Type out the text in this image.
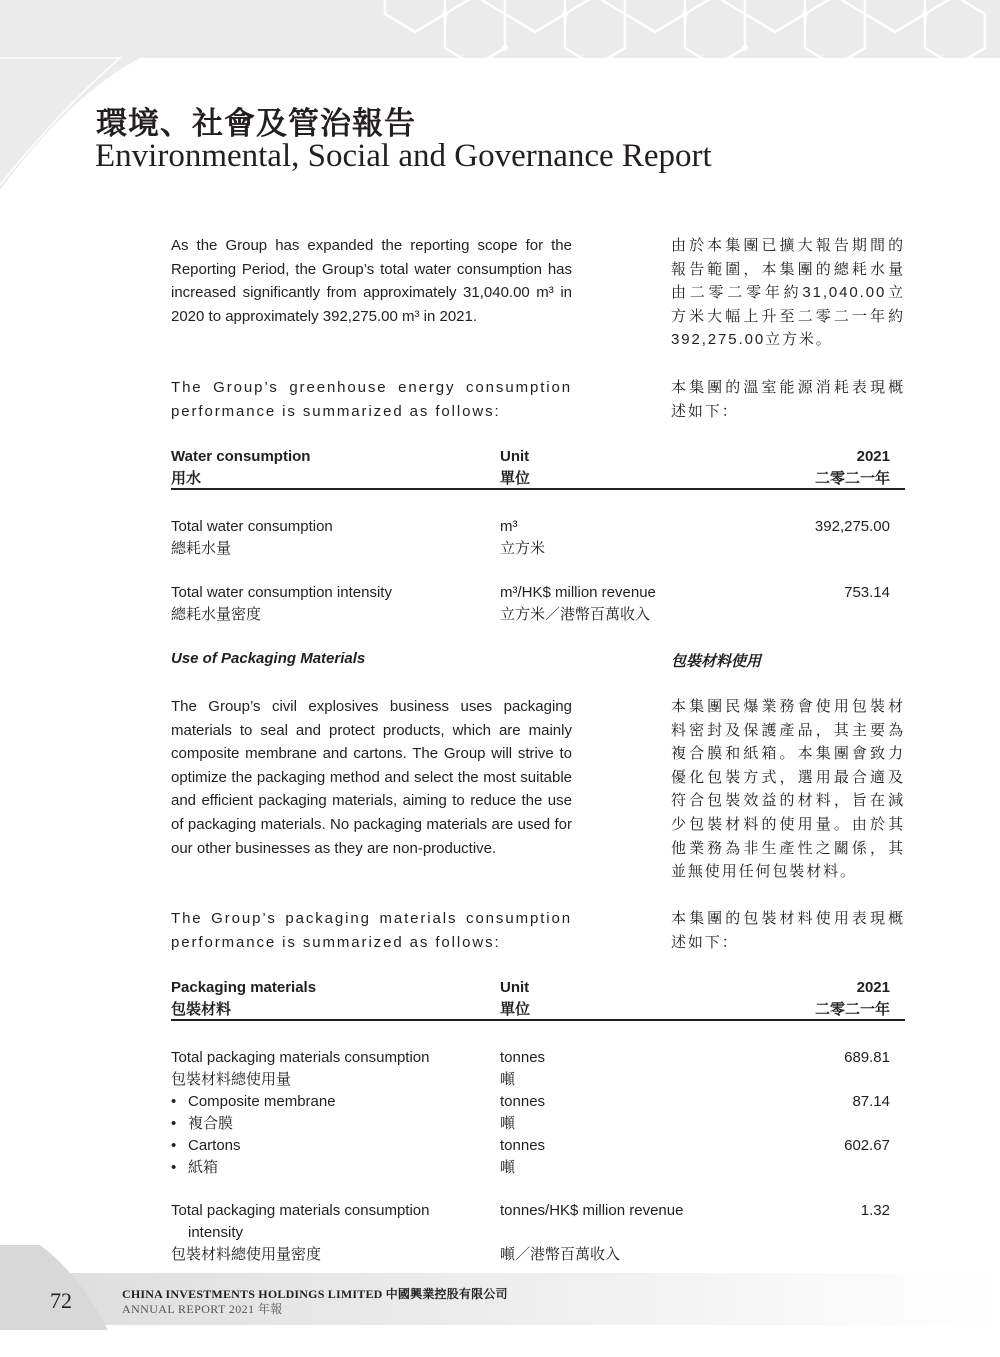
環境、社會及管治報告
Environmental, Social and Governance Report
As the Group has expanded the reporting scope for the Reporting Period, the Group’s total water consumption has increased significantly from approximately 31,040.00 m³ in 2020 to approximately 392,275.00 m³ in 2021.
由於本集團已擴大報告期間的報告範圍，本集團的總耗水量由二零二零年約31,040.00立方米大幅上升至二零二一年約392,275.00立方米。
The Group’s greenhouse energy consumption performance is summarized as follows:
本集團的溫室能源消耗表現概述如下：
Water consumption
用水
Unit
單位
2021
二零二一年
Total water consumption
總耗水量
m³
立方米
392,275.00
Total water consumption intensity
總耗水量密度
m³/HK$ million revenue
立方米／港幣百萬收入
753.14
Use of Packaging Materials	包裝材料使用
The Group’s civil explosives business uses packaging materials to seal and protect products, which are mainly composite membrane and cartons. The Group will strive to optimize the packaging method and select the most suitable and efficient packaging materials, aiming to reduce the use of packaging materials. No packaging materials are used for our other businesses as they are non-productive.
本集團民爆業務會使用包裝材料密封及保護產品，其主要為複合膜和紙箱。本集團會致力優化包裝方式，選用最合適及符合包裝效益的材料，旨在減少包裝材料的使用量。由於其他業務為非生產性之關係，其並無使用任何包裝材料。
The Group’s packaging materials consumption performance is summarized as follows:
本集團的包裝材料使用表現概述如下：
Packaging materials
包裝材料
Unit
單位
2021
二零二一年
Total packaging materials consumption
包裝材料總使用量
tonnes
噸
689.81
• Composite membrane
• 複合膜
tonnes
噸
87.14
• Cartons
• 紙箱
tonnes
噸
602.67
Total packaging materials consumption
intensity
包裝材料總使用量密度
tonnes/HK$ million revenue

噸／港幣百萬收入
1.32
72	CHINA INVESTMENTS HOLDINGS LIMITED 中國興業控股有限公司
ANNUAL REPORT 2021 年報
